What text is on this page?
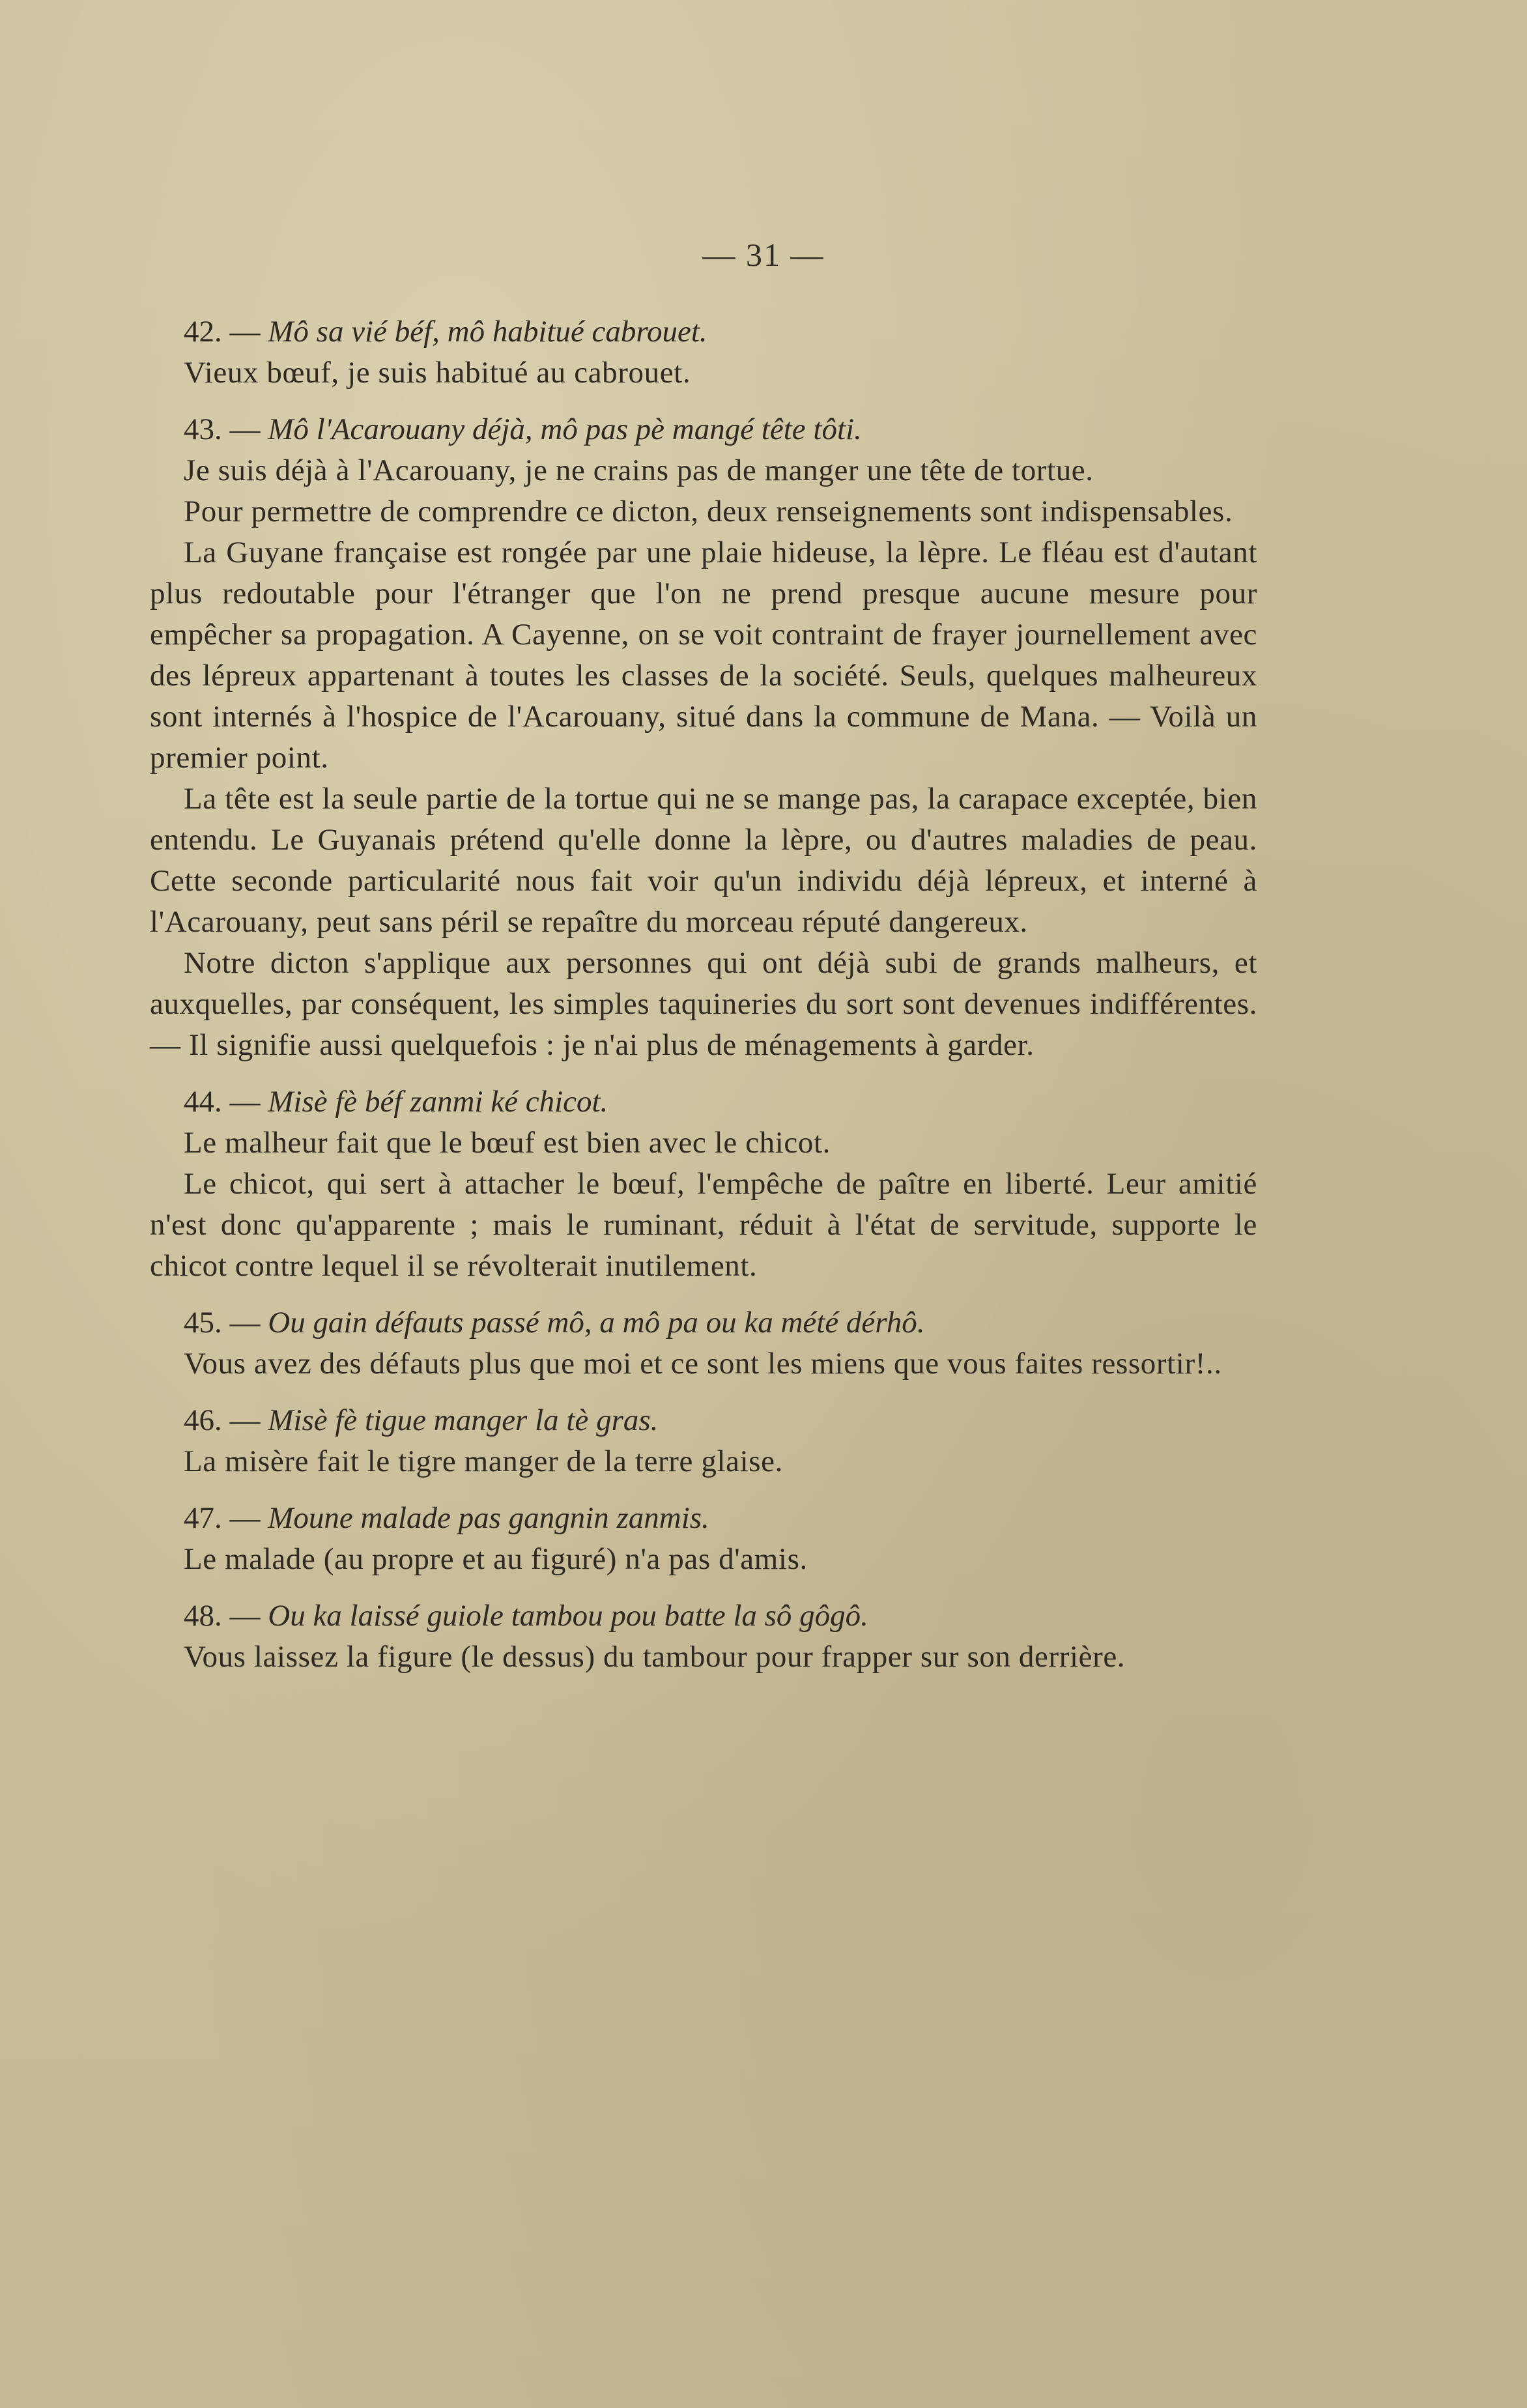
— 31 —

42. — Mô sa vié béf, mô habitué cabrouet.

Vieux bœuf, je suis habitué au cabrouet.

43. — Mô l'Acarouany déjà, mô pas pè mangé tête tôti.

Je suis déjà à l'Acarouany, je ne crains pas de manger une tête de tortue.

Pour permettre de comprendre ce dicton, deux renseignements sont indispensables.

La Guyane française est rongée par une plaie hideuse, la lèpre. Le fléau est d'autant plus redoutable pour l'étranger que l'on ne prend presque aucune mesure pour empêcher sa propagation. A Cayenne, on se voit contraint de frayer journellement avec des lépreux appartenant à toutes les classes de la société. Seuls, quelques malheureux sont internés à l'hospice de l'Acarouany, situé dans la commune de Mana. — Voilà un premier point.

La tête est la seule partie de la tortue qui ne se mange pas, la carapace exceptée, bien entendu. Le Guyanais prétend qu'elle donne la lèpre, ou d'autres maladies de peau. Cette seconde particularité nous fait voir qu'un individu déjà lépreux, et interné à l'Acarouany, peut sans péril se repaître du morceau réputé dangereux.

Notre dicton s'applique aux personnes qui ont déjà subi de grands malheurs, et auxquelles, par conséquent, les simples taquineries du sort sont devenues indifférentes. — Il signifie aussi quelquefois : je n'ai plus de ménagements à garder.

44. — Misè fè béf zanmi ké chicot.

Le malheur fait que le bœuf est bien avec le chicot.

Le chicot, qui sert à attacher le bœuf, l'empêche de paître en liberté. Leur amitié n'est donc qu'apparente ; mais le ruminant, réduit à l'état de servitude, supporte le chicot contre lequel il se révolterait inutilement.

45. — Ou gain défauts passé mô, a mô pa ou ka mété dérhô.

Vous avez des défauts plus que moi et ce sont les miens que vous faites ressortir!..

46. — Misè fè tigue manger la tè gras.

La misère fait le tigre manger de la terre glaise.

47. — Moune malade pas gangnin zanmis.

Le malade (au propre et au figuré) n'a pas d'amis.

48. — Ou ka laissé guiole tambou pou batte la sô gôgô.

Vous laissez la figure (le dessus) du tambour pour frapper sur son derrière.
